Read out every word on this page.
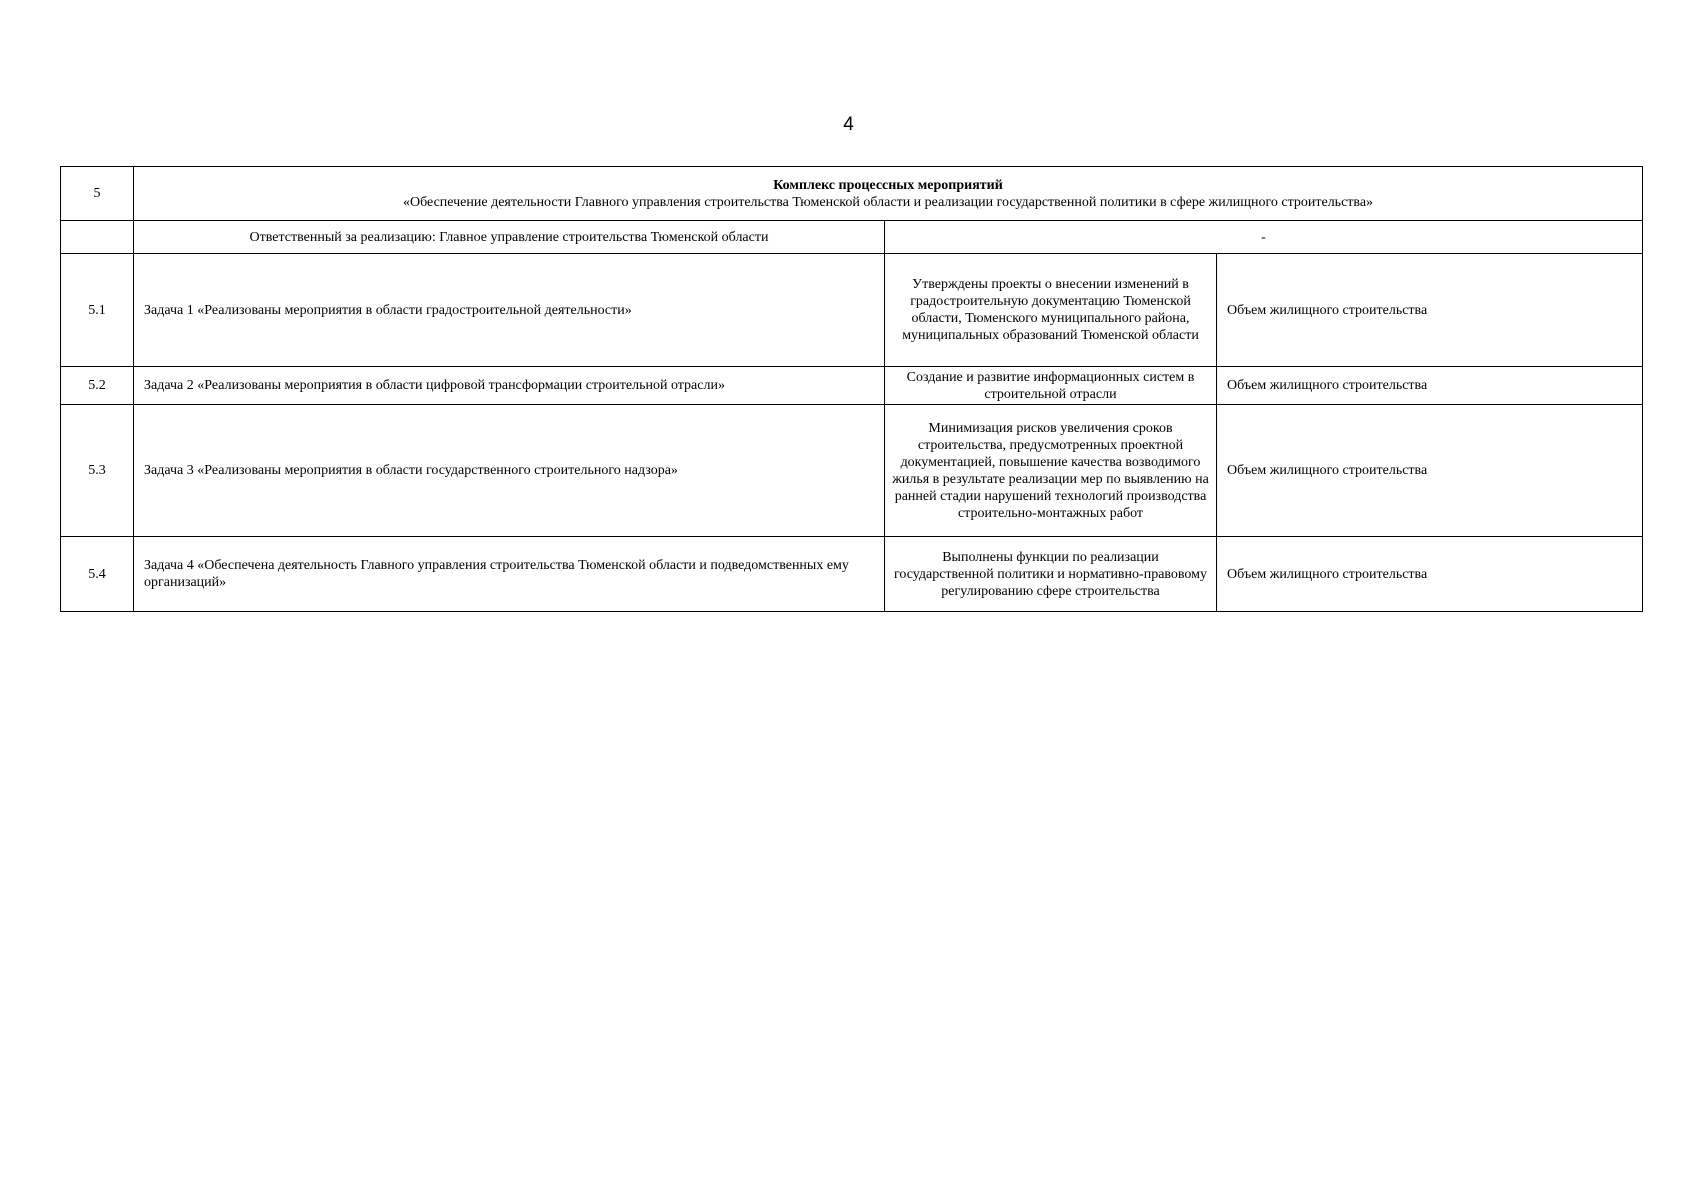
4
5	Комплекс процессных мероприятий
«Обеспечение деятельности Главного управления строительства Тюменской области и реализации государственной политики в сфере жилищного строительства»		

	Ответственный за реализацию: Главное управление строительства Тюменской области	-	
5.1	Задача 1 «Реализованы мероприятия в области градостроительной деятельности»	Утверждены проекты о внесении изменений в градостроительную документацию Тюменской области, Тюменского муниципального района, муниципальных образований Тюменской области	Объем жилищного строительства
5.2	Задача 2 «Реализованы мероприятия в области цифровой трансформации строительной отрасли»	Создание и развитие информационных систем в строительной отрасли	Объем жилищного строительства
5.3	Задача 3 «Реализованы мероприятия в области государственного строительного надзора»	Минимизация рисков увеличения сроков строительства, предусмотренных проектной документацией, повышение качества возводимого жилья в результате реализации мер по выявлению на ранней стадии нарушений технологий производства строительно-монтажных работ	Объем жилищного строительства
5.4	Задача 4 «Обеспечена деятельность Главного управления строительства Тюменской области и подведомственных ему организаций»	Выполнены функции по реализации государственной политики и нормативно-правовому регулированию сфере строительства	Объем жилищного строительства
